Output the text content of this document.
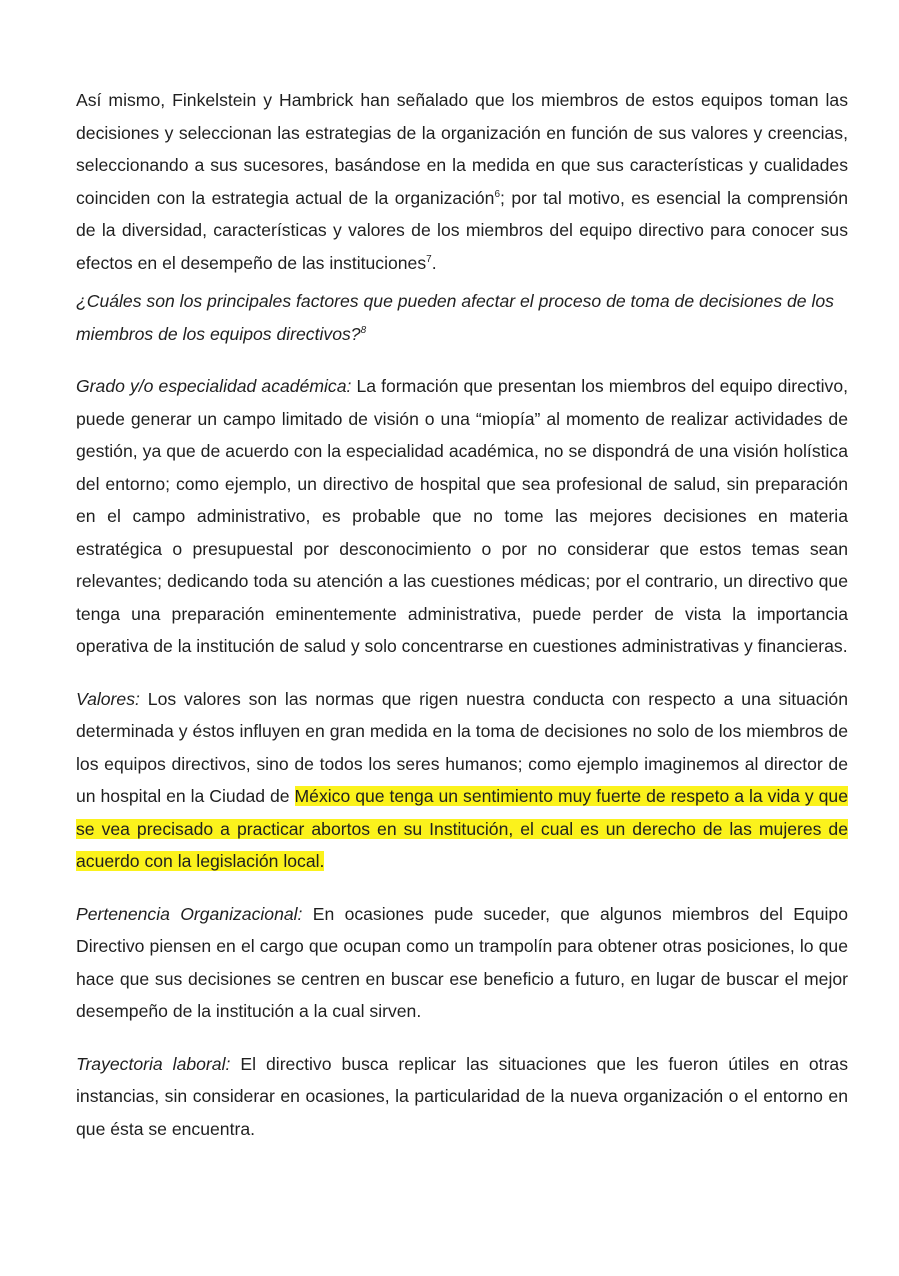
Así mismo, Finkelstein y Hambrick han señalado que los miembros de estos equipos toman las decisiones y seleccionan las estrategias de la organización en función de sus valores y creencias, seleccionando a sus sucesores, basándose en la medida en que sus características y cualidades coinciden con la estrategia actual de la organización$^6$; por tal motivo, es esencial la comprensión de la diversidad, características y valores de los miembros del equipo directivo para conocer sus efectos en el desempeño de las instituciones$^7$.

¿Cuáles son los principales factores que pueden afectar el proceso de toma de decisiones de los miembros de los equipos directivos?$^8$

Grado y/o especialidad académica: La formación que presentan los miembros del equipo directivo, puede generar un campo limitado de visión o una “miopía” al momento de realizar actividades de gestión, ya que de acuerdo con la especialidad académica, no se dispondrá de una visión holística del entorno; como ejemplo, un directivo de hospital que sea profesional de salud, sin preparación en el campo administrativo, es probable que no tome las mejores decisiones en materia estratégica o presupuestal por desconocimiento o por no considerar que estos temas sean relevantes; dedicando toda su atención a las cuestiones médicas; por el contrario, un directivo que tenga una preparación eminentemente administrativa, puede perder de vista la importancia operativa de la institución de salud y solo concentrarse en cuestiones administrativas y financieras.

Valores: Los valores son las normas que rigen nuestra conducta con respecto a una situación determinada y éstos influyen en gran medida en la toma de decisiones no solo de los miembros de los equipos directivos, sino de todos los seres humanos; como ejemplo imaginemos al director de un hospital en la Ciudad de México que tenga un sentimiento muy fuerte de respeto a la vida y que se vea precisado a practicar abortos en su Institución, el cual es un derecho de las mujeres de acuerdo con la legislación local.

Pertenencia Organizacional: En ocasiones pude suceder, que algunos miembros del Equipo Directivo piensen en el cargo que ocupan como un trampolín para obtener otras posiciones, lo que hace que sus decisiones se centren en buscar ese beneficio a futuro, en lugar de buscar el mejor desempeño de la institución a la cual sirven.

Trayectoria laboral: El directivo busca replicar las situaciones que les fueron útiles en otras instancias, sin considerar en ocasiones, la particularidad de la nueva organización o el entorno en que ésta se encuentra.
